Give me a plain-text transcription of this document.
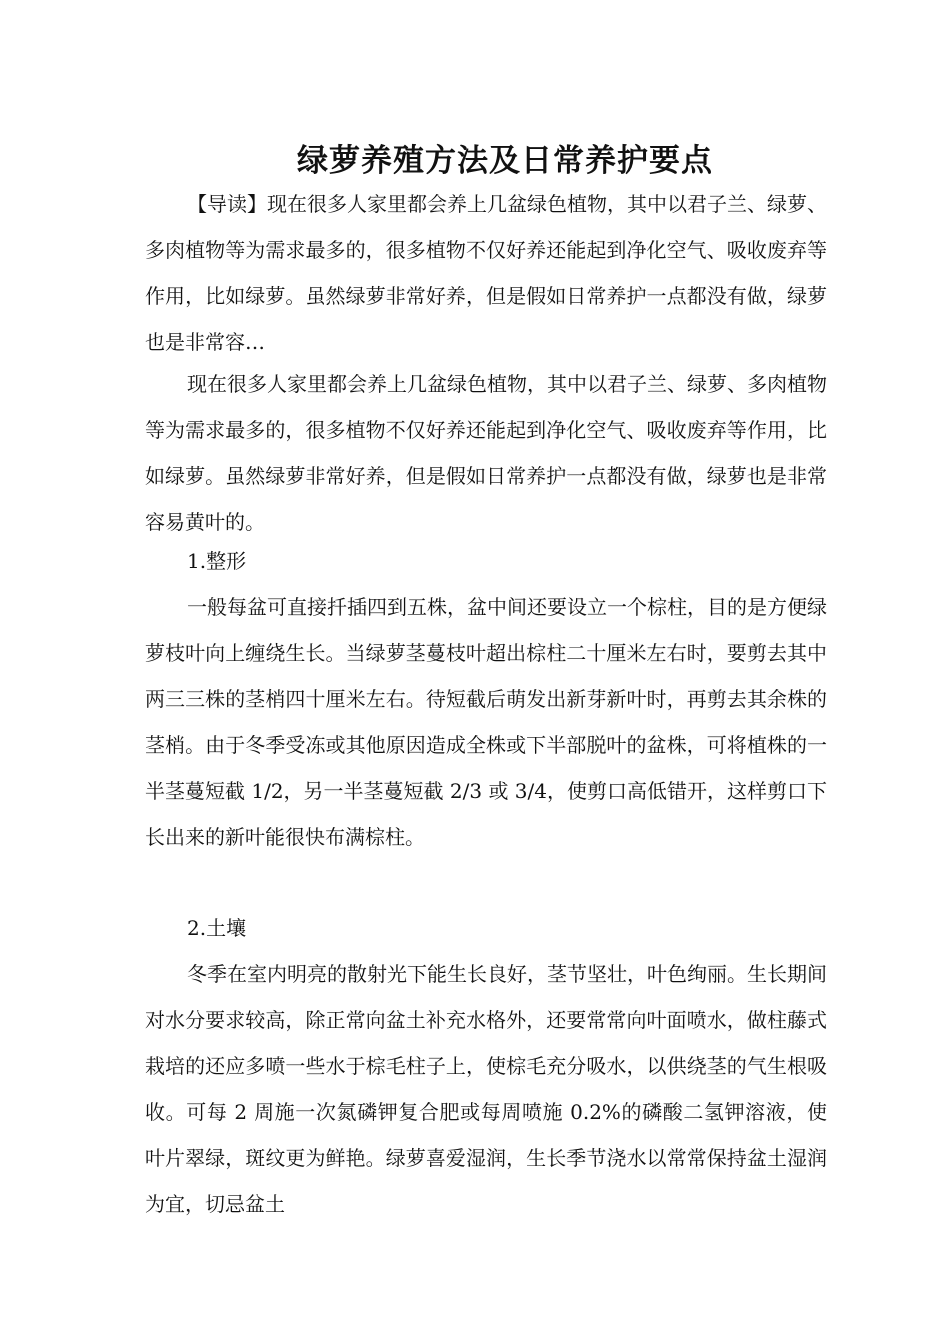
绿萝养殖方法及日常养护要点

【导读】现在很多人家里都会养上几盆绿色植物，其中以君子兰、绿萝、多肉植物等为需求最多的，很多植物不仅好养还能起到净化空气、吸收废弃等作用，比如绿萝。虽然绿萝非常好养，但是假如日常养护一点都没有做，绿萝也是非常容…

现在很多人家里都会养上几盆绿色植物，其中以君子兰、绿萝、多肉植物等为需求最多的，很多植物不仅好养还能起到净化空气、吸收废弃等作用，比如绿萝。虽然绿萝非常好养，但是假如日常养护一点都没有做，绿萝也是非常容易黄叶的。

1.整形

一般每盆可直接扦插四到五株，盆中间还要设立一个棕柱，目的是方便绿萝枝叶向上缠绕生长。当绿萝茎蔓枝叶超出棕柱二十厘米左右时，要剪去其中两三三株的茎梢四十厘米左右。待短截后萌发出新芽新叶时，再剪去其余株的茎梢。由于冬季受冻或其他原因造成全株或下半部脱叶的盆株，可将植株的一半茎蔓短截 1/2，另一半茎蔓短截 2/3 或 3/4，使剪口高低错开，这样剪口下长出来的新叶能很快布满棕柱。

2.土壤

冬季在室内明亮的散射光下能生长良好，茎节坚壮，叶色绚丽。生长期间对水分要求较高，除正常向盆土补充水格外，还要常常向叶面喷水，做柱藤式栽培的还应多喷一些水于棕毛柱子上，使棕毛充分吸水，以供绕茎的气生根吸收。可每 2 周施一次氮磷钾复合肥或每周喷施 0.2%的磷酸二氢钾溶液，使叶片翠绿，斑纹更为鲜艳。绿萝喜爱湿润，生长季节浇水以常常保持盆土湿润为宜，切忌盆土
